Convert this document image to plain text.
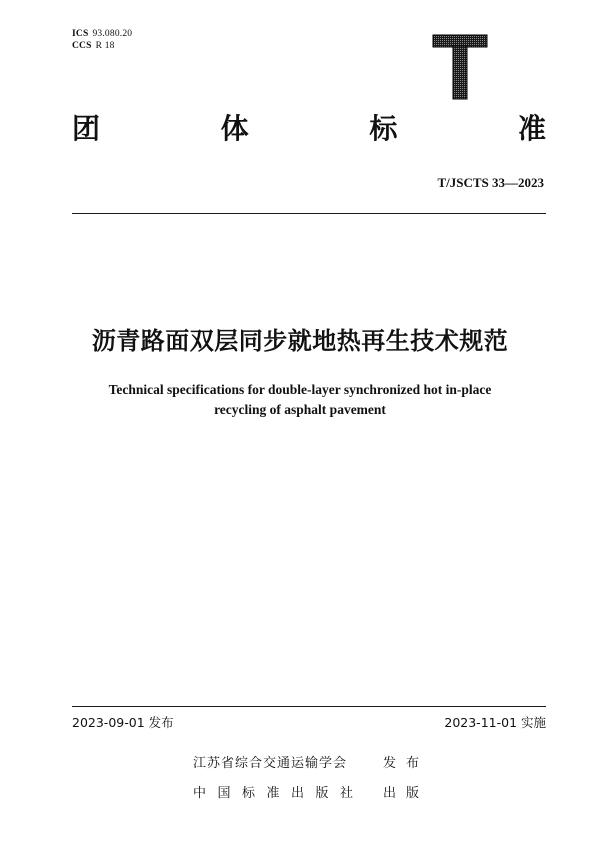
ICS 93.080.20
CCS R 18
团	体	标	准
T/JSCTS 33—2023
沥青路面双层同步就地热再生技术规范
Technical specifications for double-layer synchronized hot in-place
recycling of asphalt pavement
2023-09-01 发布	2023-11-01 实施
江苏省综合交通运输学会	发布
中国标准出版社 出版
